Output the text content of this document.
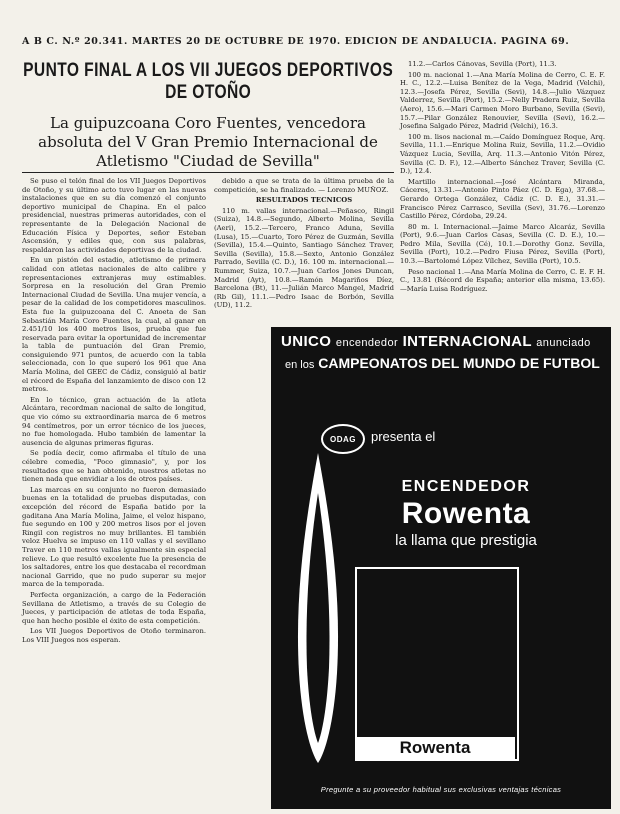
A B C. N.º 20.341. MARTES 20 DE OCTUBRE DE 1970. EDICION DE ANDALUCIA. PAGINA 69.
PUNTO FINAL A LOS VII JUEGOS DEPORTIVOS DE OTOÑO
La guipuzcoana Coro Fuentes, vencedora absoluta del V Gran Premio Internacional de Atletismo "Ciudad de Sevilla"

Se puso el telón final de los VII Juegos Deportivos de Otoño, y su último acto tuvo lugar en las nuevas instalaciones que en su día comenzó el conjunto deportivo municipal de Chapina. En el palco presidencial, nuestras primeras autoridades, con el representante de la Delegación Nacional de Educación Física y Deportes, señor Esteban Ascensión, y ediles que, con sus palabras, respaldaron las actividades deportivas de la ciudad.

En un pistón del estadio, atletismo de primera calidad con atletas nacionales de alto calibre y representaciones extranjeras muy estimables. Sorpresa en la resolución del Gran Premio Internacional Ciudad de Sevilla. Una mujer vencía, a pesar de la calidad de los competidores masculinos. Esta fue la guipuzcoana del C. Anoeta de San Sebastián María Coro Fuentes, la cual, al ganar en 2.451/10 los 400 metros lisos, prueba que fue reservada para evitar la oportunidad de incrementar la tabla de puntuación del Gran Premio, consiguiendo 971 puntos, de acuerdo con la tabla seleccionada, con lo que superó los 961 que Ana María Molina, del GEEC de Cádiz, consiguió al batir el récord de España del lanzamiento de disco con 12 metros.

En lo técnico, gran actuación de la atleta Alcántara, recordman nacional de salto de longitud, que vio cómo su extraordinaria marca de 6 metros 94 centímetros, por un error técnico de los jueces, no fue homologada. Hubo también de lamentar la ausencia de algunas primeras figuras.

Se podía decir, como afirmaba el título de una célebre comedia, "Poco gimnasio", y, por los resultados que se han obtenido, nuestros atletas no tienen nada que envidiar a los de otros países.

Las marcas en su conjunto no fueron demasiado buenas en la totalidad de pruebas disputadas, con excepción del récord de España batido por la gaditana Ana María Molina, Jaime, el veloz hispano, fue segundo en 100 y 200 metros lisos por el joven Ringil con registros no muy brillantes. El también veloz Huelva se impuso en 110 vallas y el sevillano Traver en 110 metros vallas igualmente sin especial relieve. Lo que resultó excelente fue la presencia de los saltadores, entre los que destacaba el recordman nacional Garrido, que no pudo superar su mejor marca de la temporada.

Perfecta organización, a cargo de la Federación Sevillana de Atletismo, a través de su Colegio de Jueces, y participación de atletas de toda España, que han hecho posible el éxito de esta competición.

Los VII Juegos Deportivos de Otoño terminaron. Los VIII Juegos nos esperan.

debido a que se trata de la última prueba de la competición, se ha finalizado. — Lorenzo MUÑOZ.

RESULTADOS TECNICOS

110 m. vallas internacional.—Peñasco, Ringil (Suiza), 14.8.—Segundo, Alberto Molina, Sevilla (Aeri), 15.2.—Tercero, Franco Aduna, Sevilla (Lusa), 15.—Cuarto, Toro Pérez de Guzmán, Sevilla (Sevilla), 15.4.—Quinto, Santiago Sánchez Traver, Sevilla (Sevilla), 15.8.—Sexto, Antonio González Parrado, Sevilla (C. D.), 16. 100 m. internacional.—Rummer, Suiza, 10.7.—Juan Carlos Jones Duncan, Madrid (Ayt), 10.8.—Ramón Magariños Díez, Barcelona (Bt), 11.—Julián Marco Mangel, Madrid (Rb Gil), 11.1.—Pedro Isaac de Borbón, Sevilla (UD), 11.2.

11.2.—Carlos Cánovas, Sevilla (Port), 11.3.

100 m. nacional 1.—Ana María Molina de Cerro, C. E. F. H. C., 12.2.—Luisa Benítez de la Vega, Madrid (Velchi), 12.3.—Josefa Pérez, Sevilla (Sevi), 14.8.—Julio Vázquez Valderrez, Sevilla (Port), 15.2.—Nelly Pradera Ruiz, Sevilla (Aero), 15.6.—Mari Carmen Moro Burbano, Sevilla (Sevi), 15.7.—Pilar González Renouvier, Sevilla (Sevi), 16.2.—Josefina Salgado Pérez, Madrid (Velchi), 16.3.

100 m. lisos nacional m.—Caído Domínguez Roque, Arq. Sevilla, 11.1.—Enrique Molina Ruiz, Sevilla, 11.2.—Ovidio Vázquez Lucia, Sevilla, Arq. 11.3.—Antonio Vitón Pérez, Sevilla (C. D. F.), 12.—Alberto Sánchez Traver, Sevilla (C. D.), 12.4.

Martillo internacional.—José Alcántara Miranda, Cáceres, 13.31.—Antonio Pinto Páez (C. D. Ega), 37.68.—Gerardo Ortega González, Cádiz (C. D. E.), 31.31.—Francisco Pérez Carrasco, Sevilla (Sev), 31.76.—Lorenzo Castillo Pérez, Córdoba, 29.24.

80 m. l. Internacional.—Jaime Marco Alcaráz, Sevilla (Port), 9.6.—Juan Carlos Casas, Sevilla (C. D. E.), 10.—Pedro Mila, Sevilla (Cé), 10.1.—Dorothy Gonz. Sevilla, Sevilla (Port), 10.2.—Pedro Fiusa Pérez, Sevilla (Port), 10.3.—Bartolomé López Vílchez, Sevilla (Port), 10.5.

Peso nacional 1.—Ana María Molina de Cerro, C. E. F. H. C., 13.81 (Récord de España; anterior ella misma, 13.65).—María Luisa Rodríguez.

UNICO encendedor INTERNACIONAL anunciado
en los CAMPEONATOS DEL MUNDO DE FUTBOL
ODAG	presenta el
ENCENDEDOR
Rowenta
la llama que prestigia
Rowenta
Pregunte a su proveedor habitual sus exclusivas ventajas técnicas
